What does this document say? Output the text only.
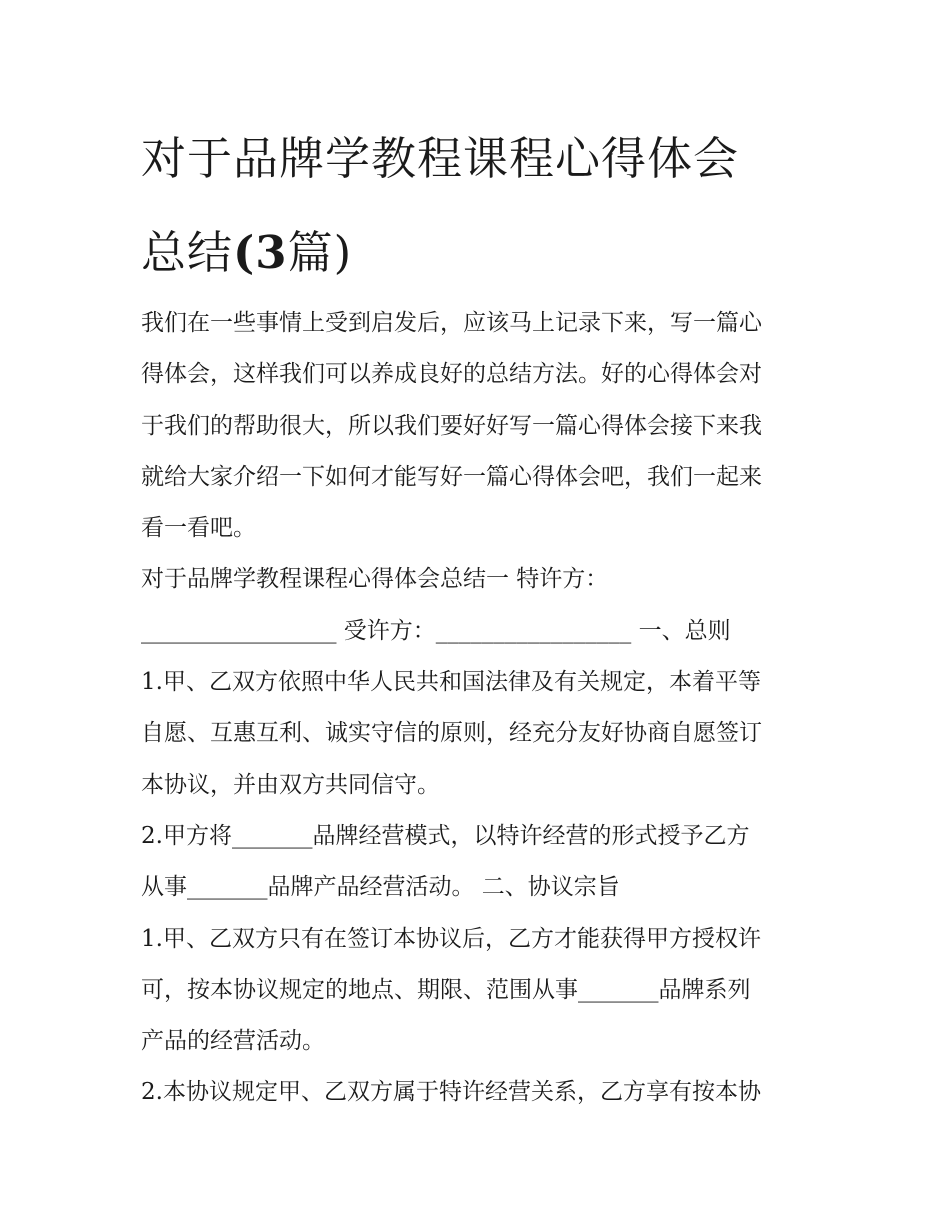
对于品牌学教程课程心得体会
总结(3篇)

我们在一些事情上受到启发后，应该马上记录下来，写一篇心

得体会，这样我们可以养成良好的总结方法。好的心得体会对

于我们的帮助很大，所以我们要好好写一篇心得体会接下来我

就给大家介绍一下如何才能写好一篇心得体会吧，我们一起来

看一看吧。

对于品牌学教程课程心得体会总结一 特许方：

_________________ 受许方：_________________ 一、总则

1.甲、乙双方依照中华人民共和国法律及有关规定，本着平等

自愿、互惠互利、诚实守信的原则，经充分友好协商自愿签订

本协议，并由双方共同信守。

2.甲方将_______品牌经营模式，以特许经营的形式授予乙方

从事_______品牌产品经营活动。 二、协议宗旨

1.甲、乙双方只有在签订本协议后，乙方才能获得甲方授权许

可，按本协议规定的地点、期限、范围从事_______品牌系列

产品的经营活动。

2.本协议规定甲、乙双方属于特许经营关系，乙方享有按本协
